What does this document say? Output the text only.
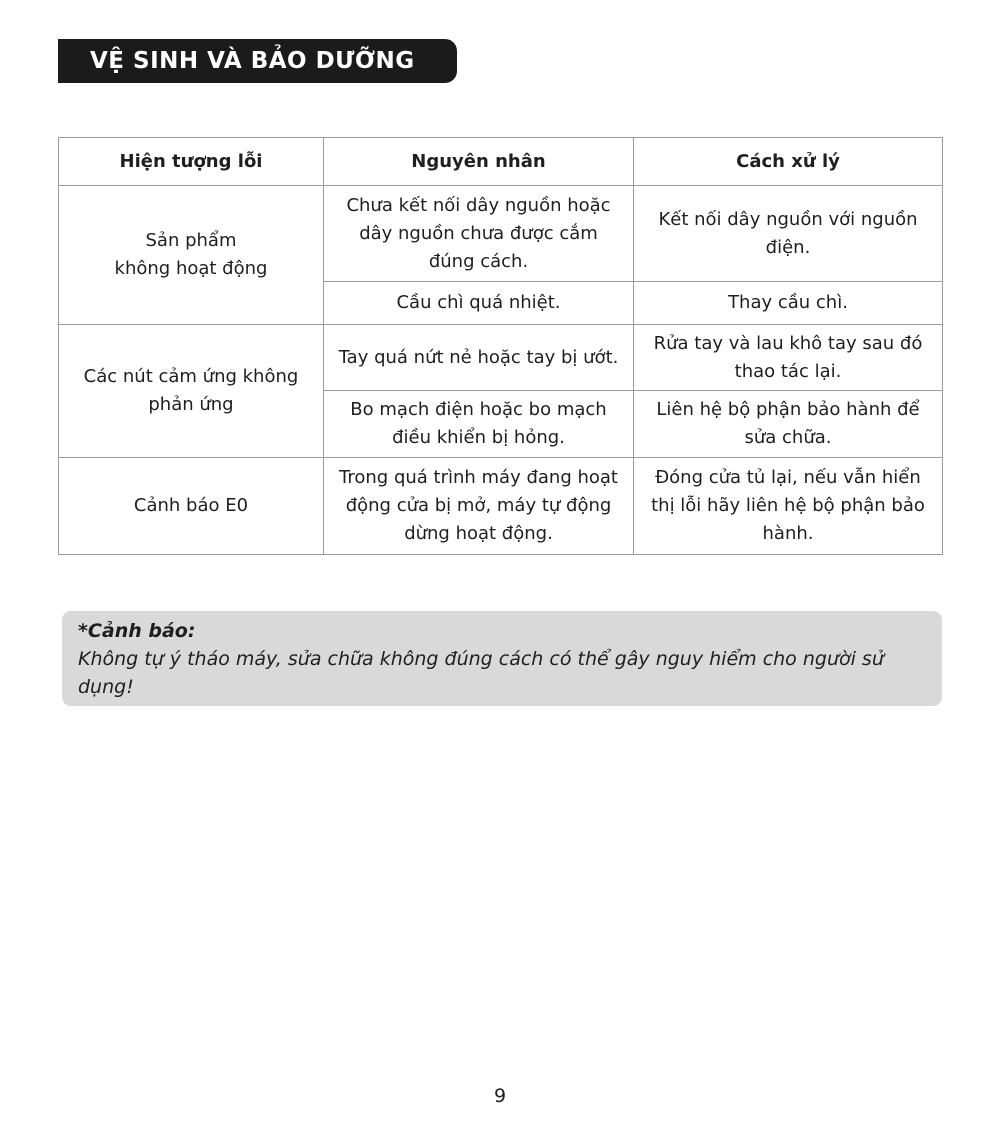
VỆ SINH VÀ BẢO DƯỠNG
Hiện tượng lỗi	Nguyên nhân	Cách xử lý
Sản phẩm
không hoạt động	Chưa kết nối dây nguồn hoặc dây nguồn chưa được cắm đúng cách.	Kết nối dây nguồn với nguồn điện.
	Cầu chì quá nhiệt.	Thay cầu chì.
Các nút cảm ứng không phản ứng	Tay quá nứt nẻ hoặc tay bị ướt.	Rửa tay và lau khô tay sau đó thao tác lại.
	Bo mạch điện hoặc bo mạch điều khiển bị hỏng.	Liên hệ bộ phận bảo hành để sửa chữa.
Cảnh báo E0	Trong quá trình máy đang hoạt động cửa bị mở, máy tự động dừng hoạt động.	Đóng cửa tủ lại, nếu vẫn hiển thị lỗi hãy liên hệ bộ phận bảo hành.
*Cảnh báo:
Không tự ý tháo máy, sửa chữa không đúng cách có thể gây nguy hiểm cho người sử dụng!
9
